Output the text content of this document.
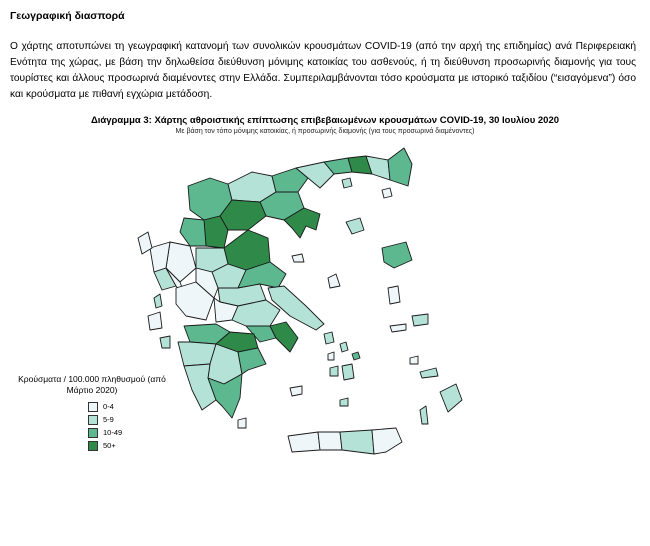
Γεωγραφική διασπορά
Ο χάρτης αποτυπώνει τη γεωγραφική κατανομή των συνολικών κρουσμάτων COVID-19 (από την αρχή της επιδημίας) ανά Περιφερειακή Ενότητα της χώρας, με βάση την δηλωθείσα διεύθυνση μόνιμης κατοικίας του ασθενούς, ή τη διεύθυνση προσωρινής διαμονής για τους τουρίστες και άλλους προσωρινά διαμένοντες στην Ελλάδα. Συμπεριλαμβάνονται τόσο κρούσματα με ιστορικό ταξιδίου (“εισαγόμενα”) όσο και κρούσματα με πιθανή εγχώρια μετάδοση.
Διάγραμμα 3: Χάρτης αθροιστικής επίπτωσης επιβεβαιωμένων κρουσμάτων COVID-19, 30 Ιουλίου 2020
Με βάση τον τόπο μόνιμης κατοικίας, ή προσωρινής διαμονής (για τους προσωρινά διαμένοντες)
Κρούσματα / 100.000 πληθυσμού (από Μάρτιο 2020)
0-4
5-9
10-49
50+
